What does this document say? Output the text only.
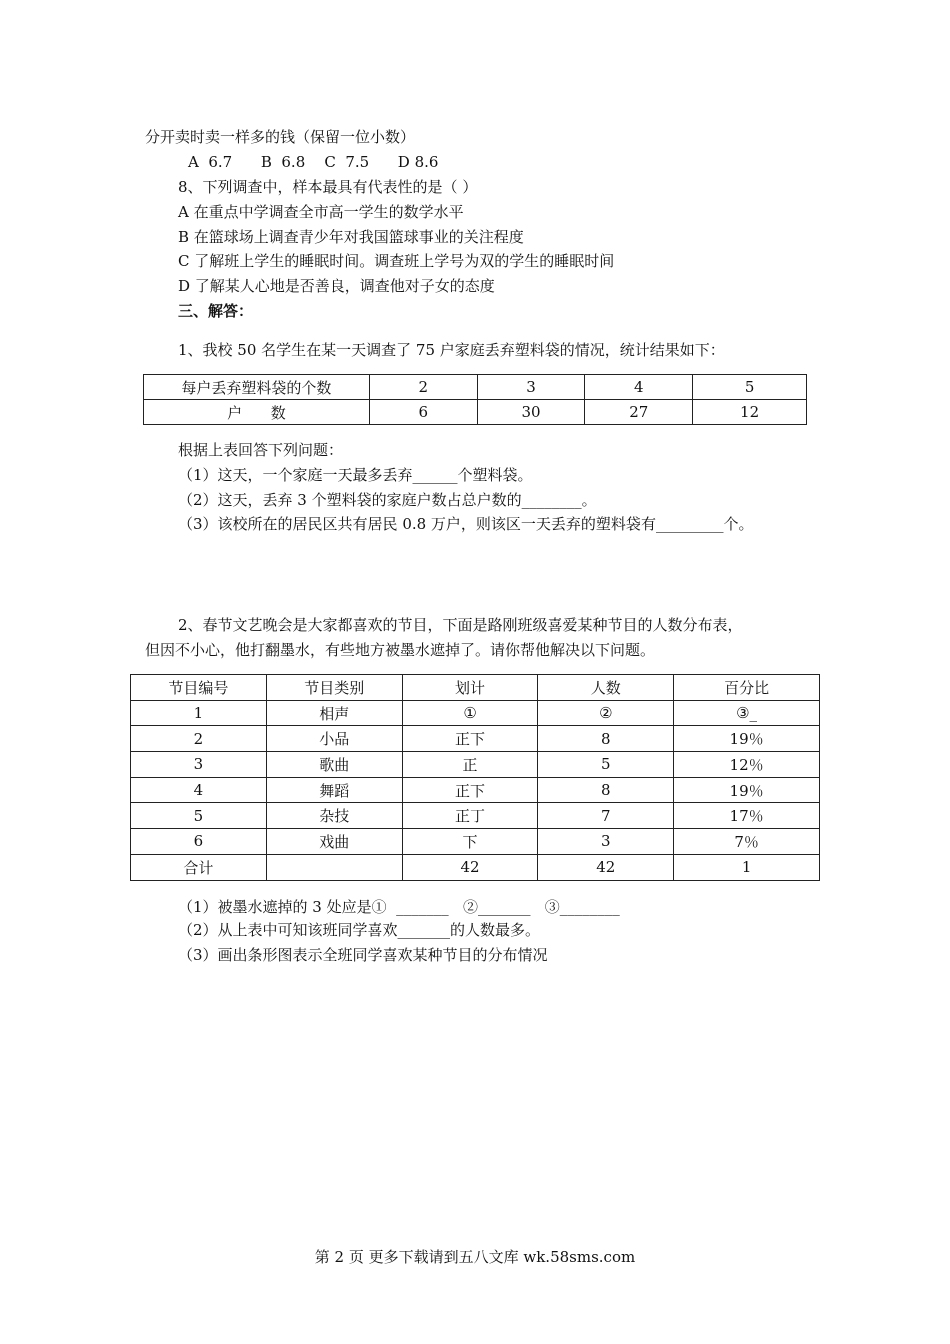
分开卖时卖一样多的钱（保留一位小数）
A  6.7      B  6.8    C  7.5      D 8.6
8、下列调查中，样本最具有代表性的是（ ）
A 在重点中学调查全市高一学生的数学水平
B 在篮球场上调查青少年对我国篮球事业的关注程度
C 了解班上学生的睡眠时间。调查班上学号为双的学生的睡眠时间
D 了解某人心地是否善良，调查他对子女的态度
三、解答：
1、我校 50 名学生在某一天调查了 75 户家庭丢弃塑料袋的情况，统计结果如下：
每户丢弃塑料袋的个数	2	3	4	5
户      数	6	30	27	12
根据上表回答下列问题：
（1）这天，一个家庭一天最多丢弃______个塑料袋。
（2）这天，丢弃 3 个塑料袋的家庭户数占总户数的________。
（3）该校所在的居民区共有居民 0.8 万户，则该区一天丢弃的塑料袋有_________个。
2、春节文艺晚会是大家都喜欢的节目，下面是路刚班级喜爱某种节目的人数分布表，
但因不小心，他打翻墨水，有些地方被墨水遮掉了。请你帮他解决以下问题。
节目编号	节目类别	划计	人数	百分比
1	相声	①	②	③_
2	小品	正下	8	19％
3	歌曲	正	5	12％
4	舞蹈	正下	8	19％
5	杂技	正丁	7	17％
6	戏曲	下	3	7％
合计		42	42	1
（1）被墨水遮掉的 3 处应是①  _______   ②_______   ③________
（2）从上表中可知该班同学喜欢_______的人数最多。
（3）画出条形图表示全班同学喜欢某种节目的分布情况
第 2 页 更多下载请到五八文库 wk.58sms.com
